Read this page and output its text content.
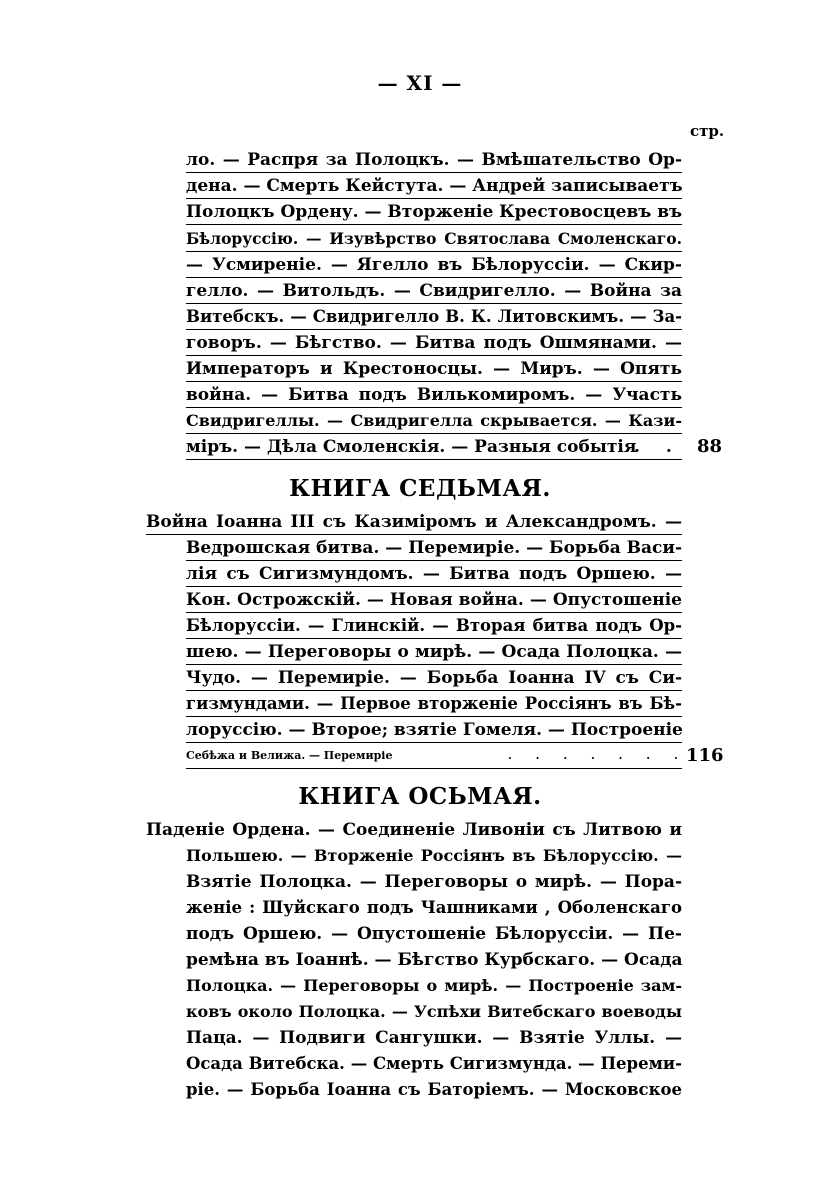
— XI —
стр.
ло. — Распря за Полоцкъ. — Вмѣшательство Ор-
дена. — Смерть Кейстута. — Андрей записываетъ
Полоцкъ Ордену. — Вторженіе Крестовосцевъ въ
Бѣлоруссію. — Изувѣрство Святослава Смоленскаго.
— Усмиреніе. — Ягелло въ Бѣлоруссіи. — Скир-
гелло. — Витольдъ. — Свидригелло. — Война за
Витебскъ. — Свидригелло В. К. Литовскимъ. — За-
говоръ. — Бѣгство. — Битва подъ Ошмянами. —
Императоръ и Крестоносцы. — Миръ. — Опять
война. — Битва подъ Вилькомиромъ. — Участь
Свидригеллы. — Свидригелла скрывается. — Кази-
міръ. — Дѣла Смоленскія. — Разныя событія
. . 88
КНИГА СЕДЬМАЯ.
Война Іоанна III съ Казиміромъ и Александромъ. —
Ведрошская битва. — Перемиріе. — Борьба Васи-
лія съ Сигизмундомъ. — Битва подъ Оршею. —
Кон. Острожскій. — Новая война. — Опустошеніе
Бѣлоруссіи. — Глинскій. — Вторая битва подъ Ор-
шею. — Переговоры о мирѣ. — Осада Полоцка. —
Чудо. — Перемиріе. — Борьба Іоанна IV съ Си-
гизмундами. — Первое вторженіе Россіянъ въ Бѣ-
лоруссію. — Второе; взятіе Гомеля. — Построеніе
Себѣжа и Велижа. — Перемиріе	. . . . . . .
116
КНИГА ОСЬМАЯ.
Паденіе Ордена. — Соединеніе Ливоніи съ Литвою и
Польшею. — Вторженіе Россіянъ въ Бѣлоруссію. —
Взятіе Полоцка. — Переговоры о мирѣ. — Пора-
женіе : Шуйскаго подъ Чашниками , Оболенскаго
подъ Оршею. — Опустошеніе Бѣлоруссіи. — Пе-
ремѣна въ Іоаннѣ. — Бѣгство Курбскаго. — Осада
Полоцка. — Переговоры о мирѣ. — Построеніе зам-
ковъ около Полоцка. — Успѣхи Витебскаго воеводы
Паца. — Подвиги Сангушки. — Взятіе Уллы. —
Осада Витебска. — Смерть Сигизмунда. — Переми-
ріе. — Борьба Іоанна съ Баторіемъ. — Московское
